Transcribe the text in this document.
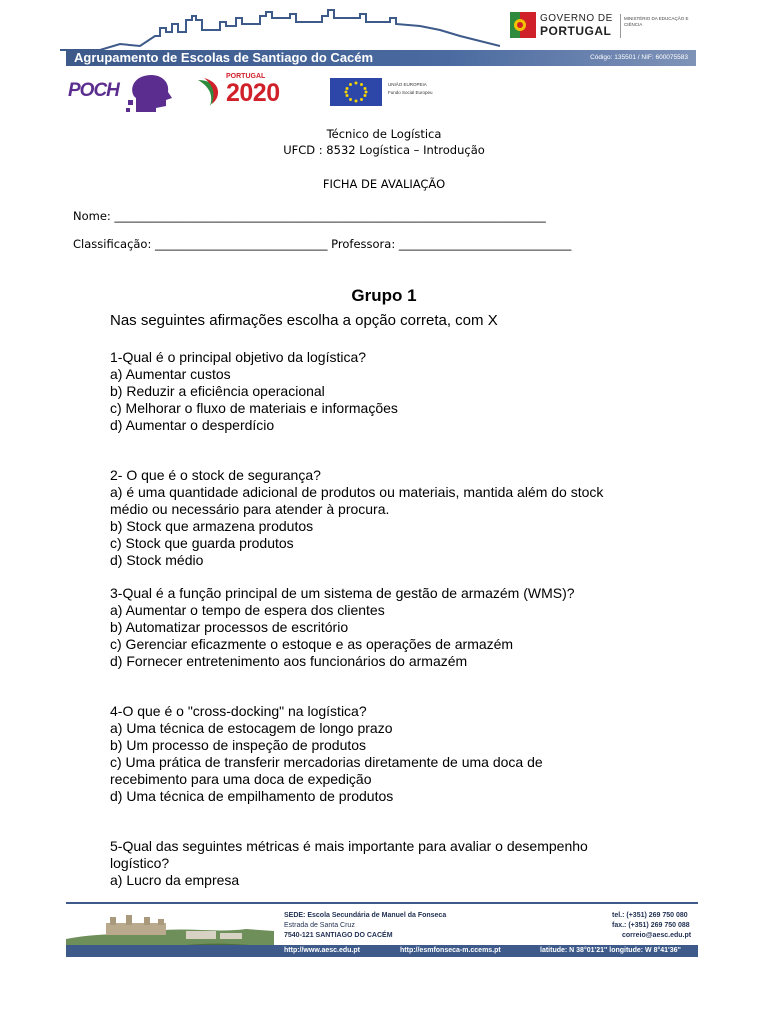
GOVERNO DE
PORTUGAL
MINISTÉRIO DA EDUCAÇÃO E CIÊNCIA
Agrupamento de Escolas de Santiago do Cacém	Código: 135501 / NIF: 600075583
POCH
PORTUGAL
2020	UNIÃO EUROPEIA
Fundo Social Europeu
Técnico de Logística
UFCD : 8532 Logística – Introdução
FICHA DE AVALIAÇÃO
Nome: ___________________________________________________________________________
Classificação: ______________________________ Professora: ______________________________
Grupo 1
Nas seguintes afirmações escolha a opção correta, com X
1-Qual é o principal objetivo da logística?
a) Aumentar custos
b) Reduzir a eficiência operacional
c) Melhorar o fluxo de materiais e informações
d) Aumentar o desperdício
2- O que é o stock de segurança?
a) é uma quantidade adicional de produtos ou materiais, mantida além do stock
médio ou necessário para atender à procura.
b) Stock que armazena produtos
c) Stock que guarda produtos
d) Stock médio
3-Qual é a função principal de um sistema de gestão de armazém (WMS)?
a) Aumentar o tempo de espera dos clientes
b) Automatizar processos de escritório
c) Gerenciar eficazmente o estoque e as operações de armazém
d) Fornecer entretenimento aos funcionários do armazém
4-O que é o "cross-docking" na logística?
a) Uma técnica de estocagem de longo prazo
b) Um processo de inspeção de produtos
c) Uma prática de transferir mercadorias diretamente de uma doca de
recebimento para uma doca de expedição
d) Uma técnica de empilhamento de produtos
5-Qual das seguintes métricas é mais importante para avaliar o desempenho
logístico?
a) Lucro da empresa
SEDE: Escola Secundária de Manuel da Fonseca
Estrada de Santa Cruz
7540-121 SANTIAGO DO CACÉM
tel.: (+351) 269 750 080
fax.: (+351) 269 750 088
correio@aesc.edu.pt
http://www.aesc.edu.pt	http://esmfonseca-m.ccems.pt	latitude: N 38°01'21'' longitude: W 8°41'36''
